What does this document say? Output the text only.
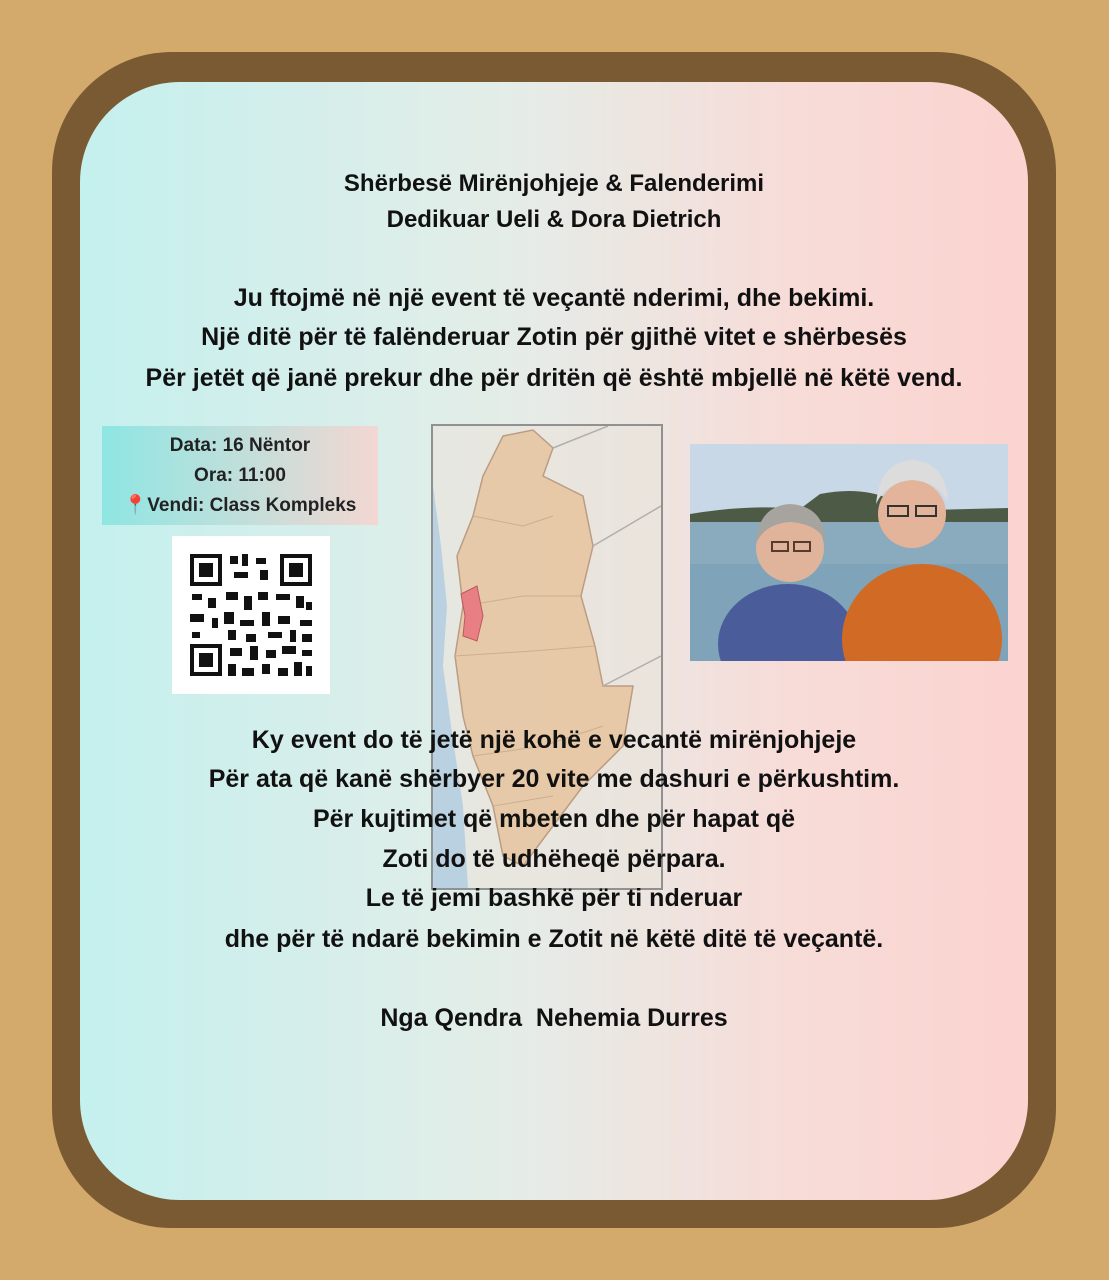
Shërbesë Mirënjohjeje & Falenderimi
Dedikuar Ueli & Dora Dietrich
Ju ftojmë në një event të veçantë nderimi, dhe bekimi.
Një ditë për të falënderuar Zotin për gjithë vitet e shërbesës
Për jetët që janë prekur dhe për dritën që është mbjellë në këtë vend.
Data: 16 Nëntor
Ora: 11:00
📍Vendi: Class Kompleks
Ky event do të jetë një kohë e vecantë mirënjohjeje
Për ata që kanë shërbyer 20 vite me dashuri e përkushtim.
Për kujtimet që mbeten dhe për hapat që
Zoti do të udhëheqë përpara.
Le të jemi bashkë për ti nderuar
dhe për të ndarë bekimin e Zotit në këtë ditë të veçantë.
Nga Qendra  Nehemia Durres
